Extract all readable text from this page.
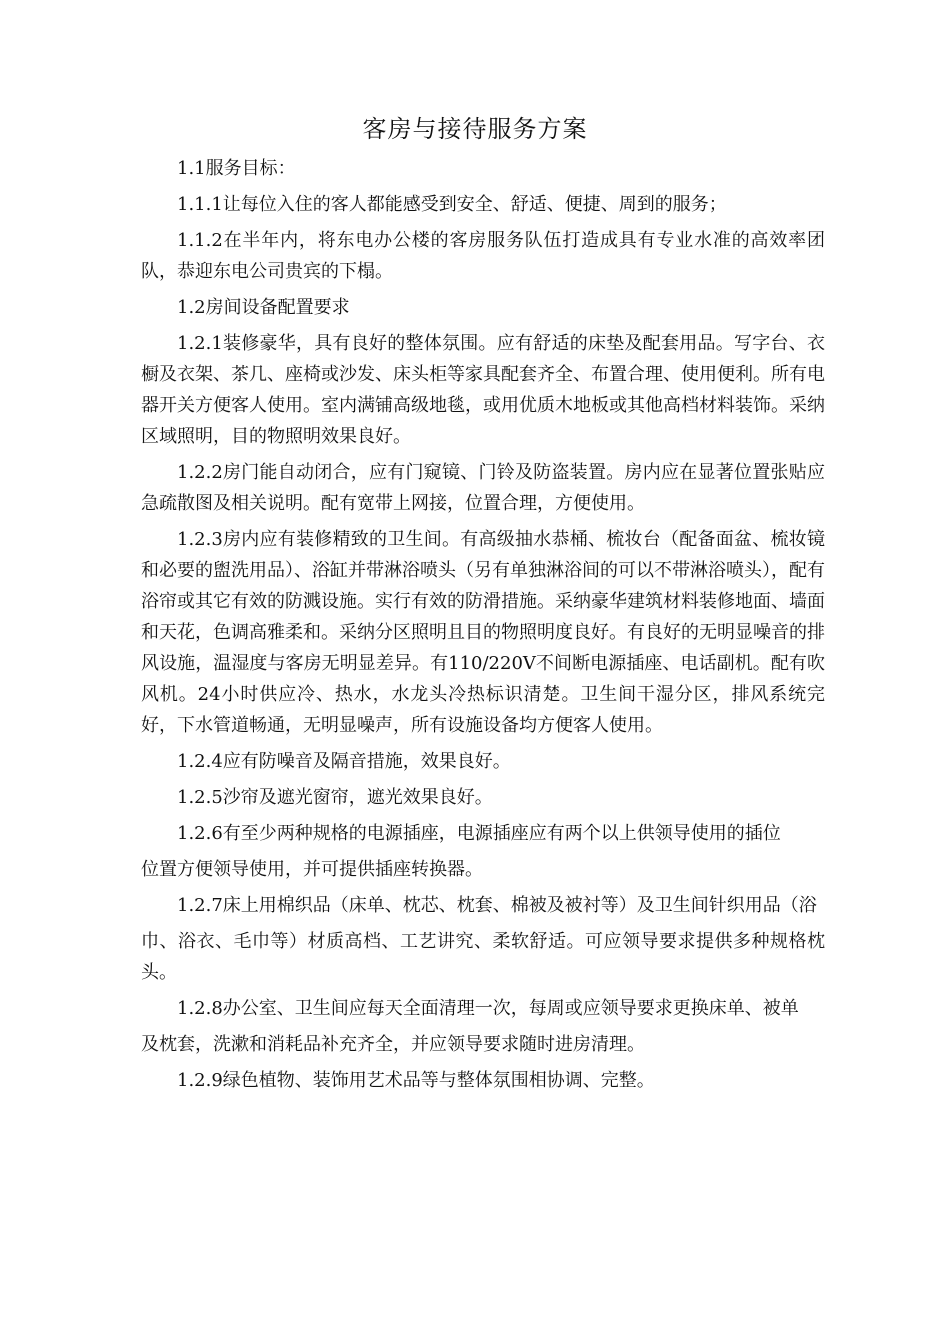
客房与接待服务方案

1.1服务目标：

1.1.1让每位入住的客人都能感受到安全、舒适、便捷、周到的服务；

1.1.2在半年内，将东电办公楼的客房服务队伍打造成具有专业水准的高效率团队，恭迎东电公司贵宾的下榻。

1.2房间设备配置要求

1.2.1装修豪华，具有良好的整体氛围。应有舒适的床垫及配套用品。写字台、衣橱及衣架、茶几、座椅或沙发、床头柜等家具配套齐全、布置合理、使用便利。所有电器开关方便客人使用。室内满铺高级地毯，或用优质木地板或其他高档材料装饰。采纳区域照明，目的物照明效果良好。

1.2.2房门能自动闭合，应有门窥镜、门铃及防盗装置。房内应在显著位置张贴应急疏散图及相关说明。配有宽带上网接，位置合理，方便使用。

1.2.3房内应有装修精致的卫生间。有高级抽水恭桶、梳妆台（配备面盆、梳妆镜和必要的盥洗用品）、浴缸并带淋浴喷头（另有单独淋浴间的可以不带淋浴喷头），配有浴帘或其它有效的防溅设施。实行有效的防滑措施。采纳豪华建筑材料装修地面、墙面和天花，色调高雅柔和。采纳分区照明且目的物照明度良好。有良好的无明显噪音的排风设施，温湿度与客房无明显差异。有110/220V不间断电源插座、电话副机。配有吹风机。24小时供应冷、热水，水龙头冷热标识清楚。卫生间干湿分区，排风系统完好，下水管道畅通，无明显噪声，所有设施设备均方便客人使用。

1.2.4应有防噪音及隔音措施，效果良好。

1.2.5沙帘及遮光窗帘，遮光效果良好。

1.2.6有至少两种规格的电源插座，电源插座应有两个以上供领导使用的插位

位置方便领导使用，并可提供插座转换器。

1.2.7床上用棉织品（床单、枕芯、枕套、棉被及被衬等）及卫生间针织用品（浴

巾、浴衣、毛巾等）材质高档、工艺讲究、柔软舒适。可应领导要求提供多种规格枕头。

1.2.8办公室、卫生间应每天全面清理一次，每周或应领导要求更换床单、被单

及枕套，洗漱和消耗品补充齐全，并应领导要求随时进房清理。

1.2.9绿色植物、装饰用艺术品等与整体氛围相协调、完整。
